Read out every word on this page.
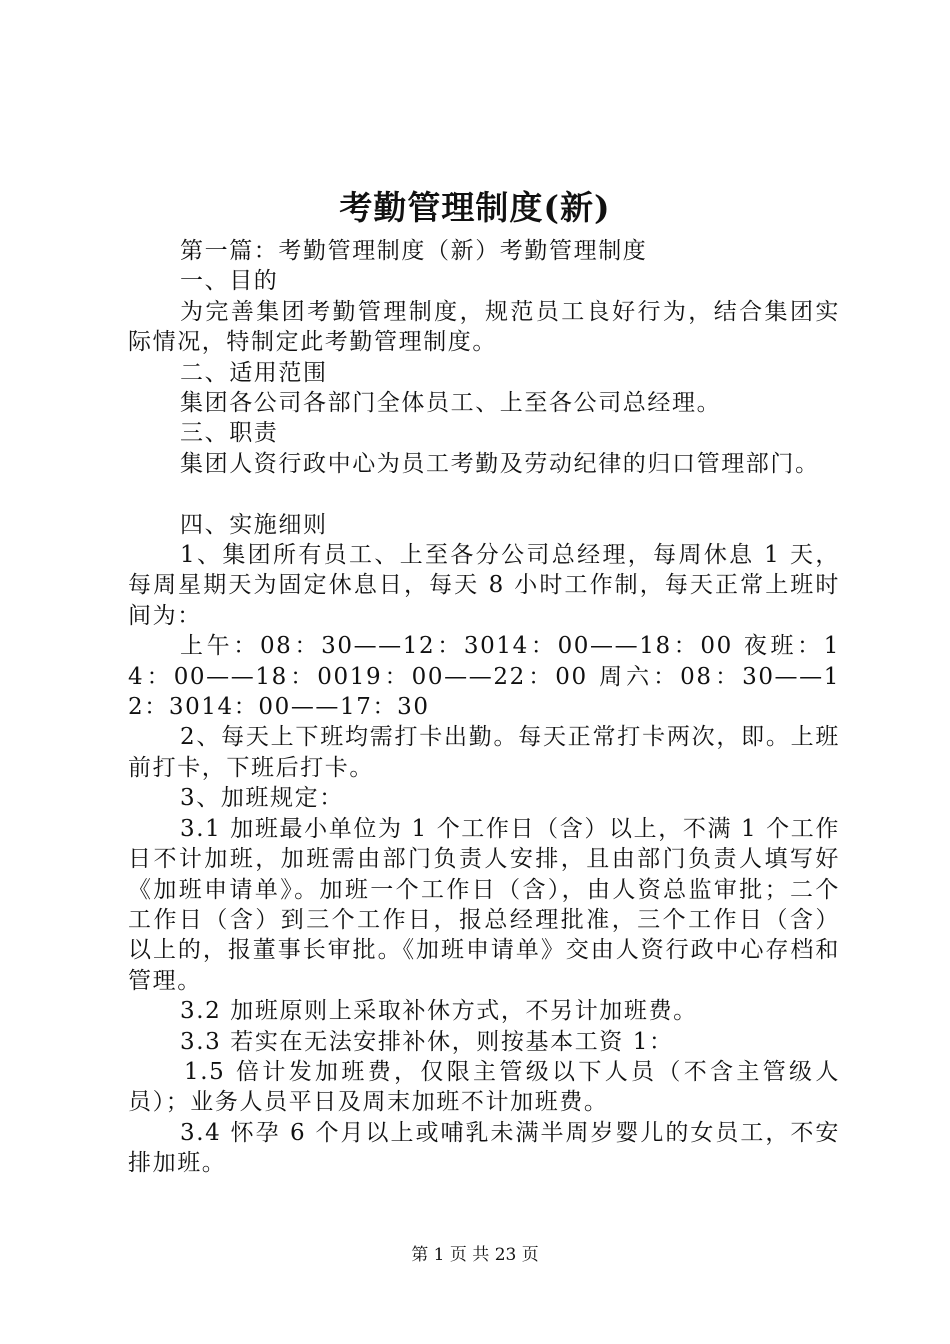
考勤管理制度(新)

第一篇：考勤管理制度（新）考勤管理制度

一、目的

为完善集团考勤管理制度，规范员工良好行为，结合集团实际情况，特制定此考勤管理制度。

二、适用范围

集团各公司各部门全体员工、上至各公司总经理。

三、职责

集团人资行政中心为员工考勤及劳动纪律的归口管理部门。

四、实施细则

1、集团所有员工、上至各分公司总经理，每周休息 1 天，每周星期天为固定休息日，每天 8 小时工作制，每天正常上班时间为：

上午：08：30——12：3014：00——18：00 夜班：14：00——18：0019：00——22：00 周六：08：30——12：3014：00——17：30

2、每天上下班均需打卡出勤。每天正常打卡两次，即。上班前打卡，下班后打卡。

3、加班规定：

3.1 加班最小单位为 1 个工作日（含）以上，不满 1 个工作日不计加班，加班需由部门负责人安排，且由部门负责人填写好《加班申请单》。加班一个工作日（含），由人资总监审批；二个工作日（含）到三个工作日，报总经理批准，三个工作日（含）以上的，报董事长审批。《加班申请单》交由人资行政中心存档和管理。

3.2 加班原则上采取补休方式，不另计加班费。

3.3 若实在无法安排补休，则按基本工资 1：

1.5 倍计发加班费，仅限主管级以下人员（不含主管级人员）；业务人员平日及周末加班不计加班费。

3.4 怀孕 6 个月以上或哺乳未满半周岁婴儿的女员工，不安排加班。

第 1 页 共 23 页
